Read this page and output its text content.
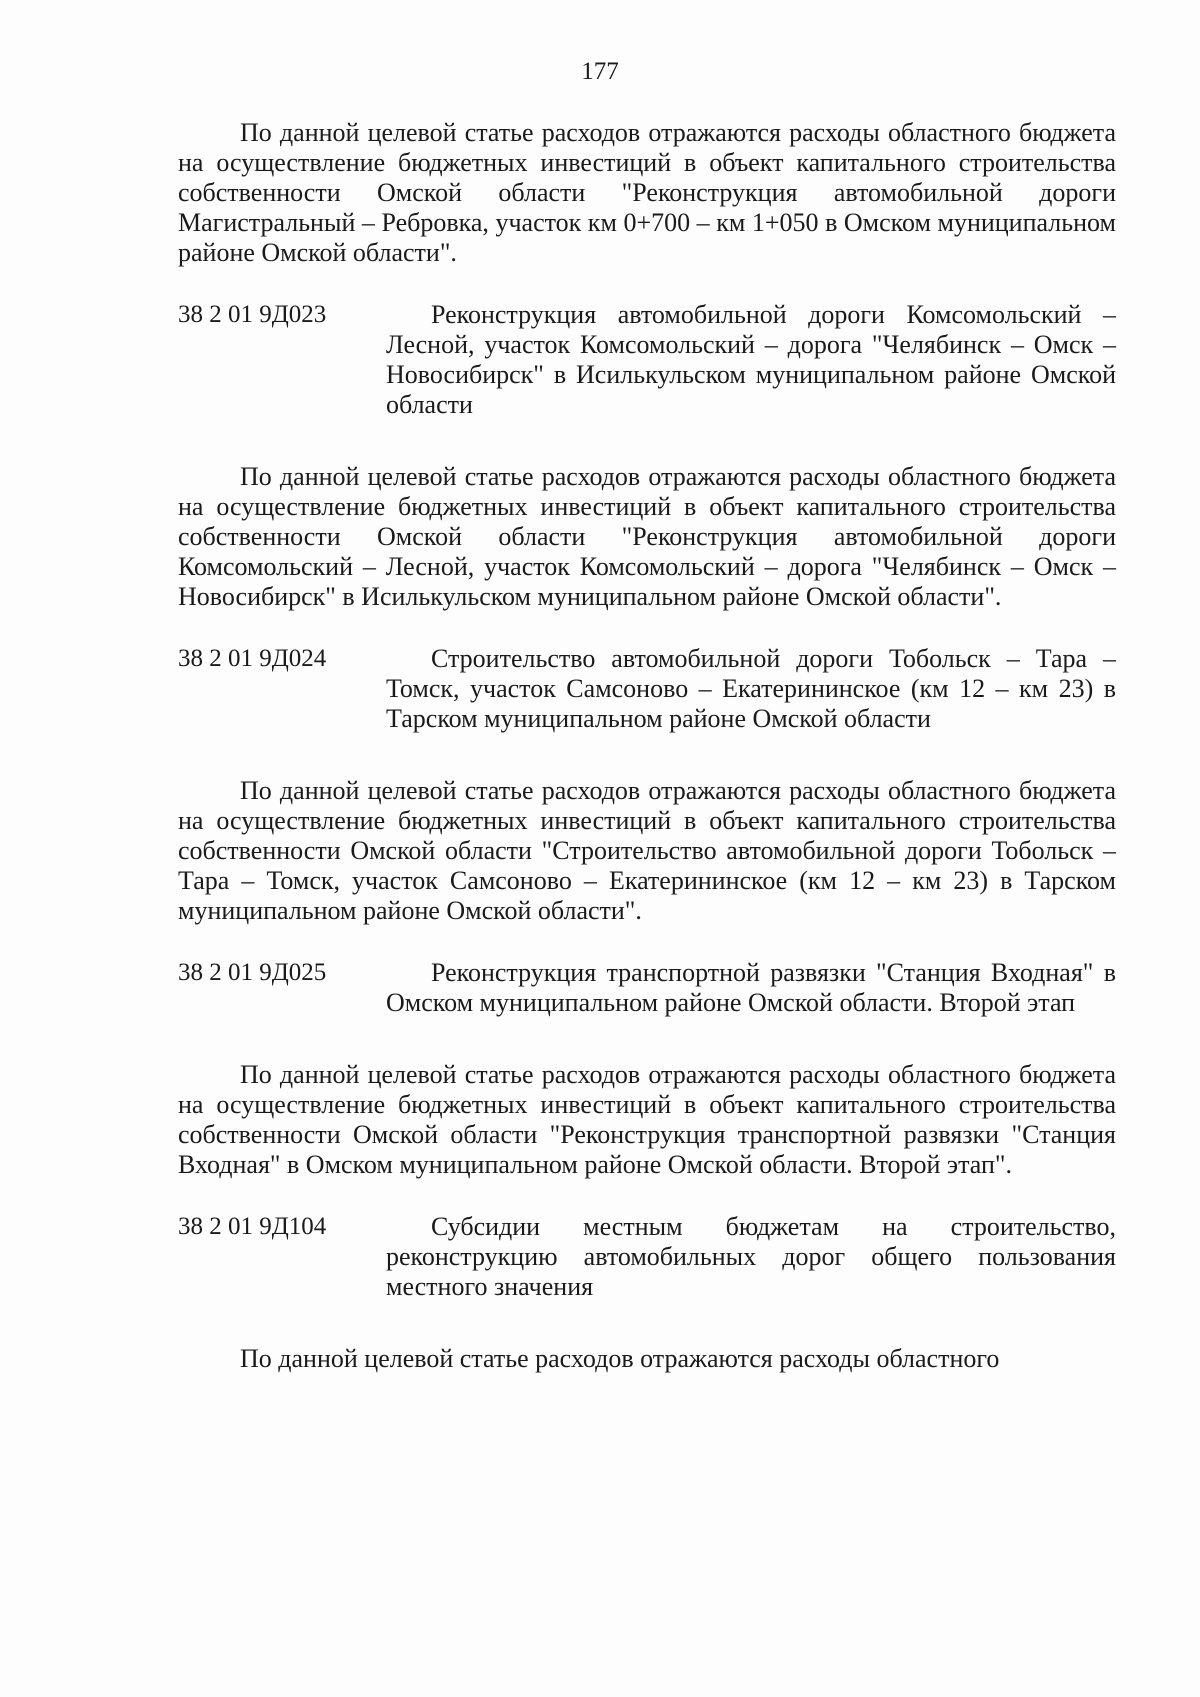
177

По данной целевой статье расходов отражаются расходы областного бюджета на осуществление бюджетных инвестиций в объект капитального строительства собственности Омской области "Реконструкция автомобильной дороги Магистральный – Ребровка, участок км 0+700 – км 1+050 в Омском муниципальном районе Омской области".

38 2 01 9Д023	Реконструкция автомобильной дороги Комсомольский – Лесной, участок Комсомольский – дорога "Челябинск – Омск – Новосибирск" в Исилькульском муниципальном районе Омской области

По данной целевой статье расходов отражаются расходы областного бюджета на осуществление бюджетных инвестиций в объект капитального строительства собственности Омской области "Реконструкция автомобильной дороги Комсомольский – Лесной, участок Комсомольский – дорога "Челябинск – Омск – Новосибирск" в Исилькульском муниципальном районе Омской области".

38 2 01 9Д024	Строительство автомобильной дороги Тобольск – Тара – Томск, участок Самсоново – Екатерининское (км 12 – км 23) в Тарском муниципальном районе Омской области

По данной целевой статье расходов отражаются расходы областного бюджета на осуществление бюджетных инвестиций в объект капитального строительства собственности Омской области "Строительство автомобильной дороги Тобольск – Тара – Томск, участок Самсоново – Екатерининское (км 12 – км 23) в Тарском муниципальном районе Омской области".

38 2 01 9Д025	Реконструкция транспортной развязки "Станция Входная" в Омском муниципальном районе Омской области. Второй этап

По данной целевой статье расходов отражаются расходы областного бюджета на осуществление бюджетных инвестиций в объект капитального строительства собственности Омской области "Реконструкция транспортной развязки "Станция Входная" в Омском муниципальном районе Омской области. Второй этап".

38 2 01 9Д104	Субсидии местным бюджетам на строительство, реконструкцию автомобильных дорог общего пользования местного значения

По данной целевой статье расходов отражаются расходы областного
